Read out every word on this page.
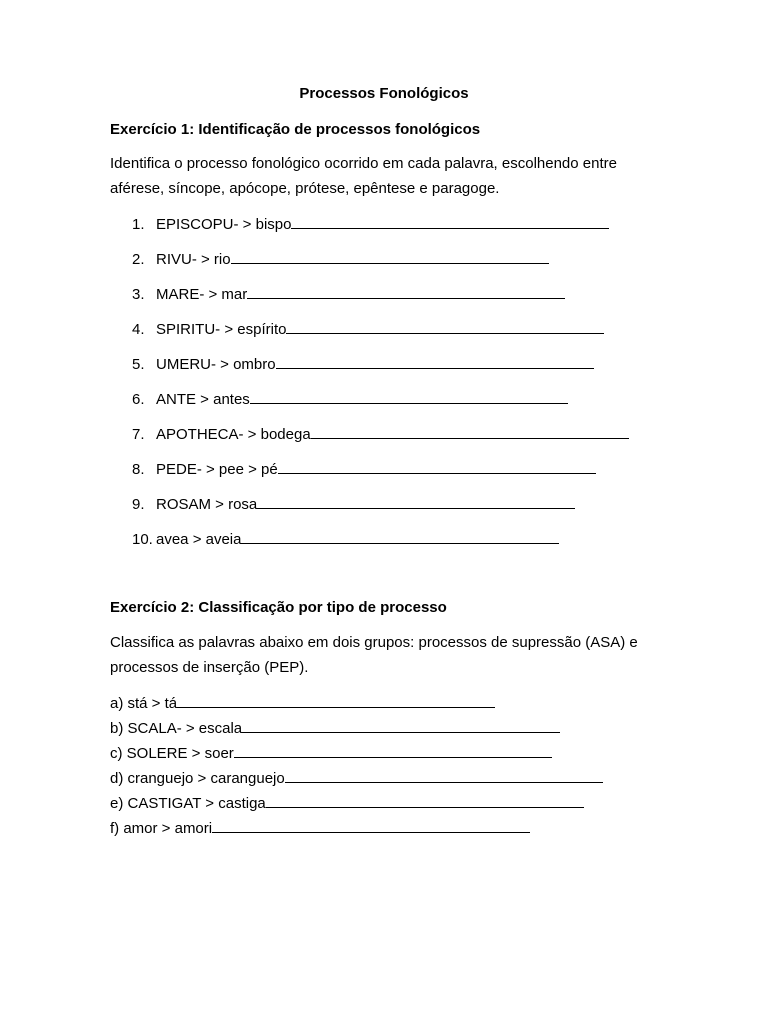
Processos Fonológicos
Exercício 1: Identificação de processos fonológicos
Identifica o processo fonológico ocorrido em cada palavra, escolhendo entre aférese, síncope, apócope, prótese, epêntese e paragoge.
1. EPISCOPU- > bispo
2. RIVU- > rio
3. MARE- > mar
4. SPIRITU- > espírito
5. UMERU- > ombro
6. ANTE > antes
7. APOTHECA- > bodega
8. PEDE- > pee > pé
9. ROSAM > rosa
10. avea > aveia
Exercício 2: Classificação por tipo de processo
Classifica as palavras abaixo em dois grupos: processos de supressão (ASA) e processos de inserção (PEP).
a) stá > tá
b) SCALA- > escala
c) SOLERE > soer
d) cranguejo > caranguejo
e) CASTIGAT > castiga
f) amor > amori
